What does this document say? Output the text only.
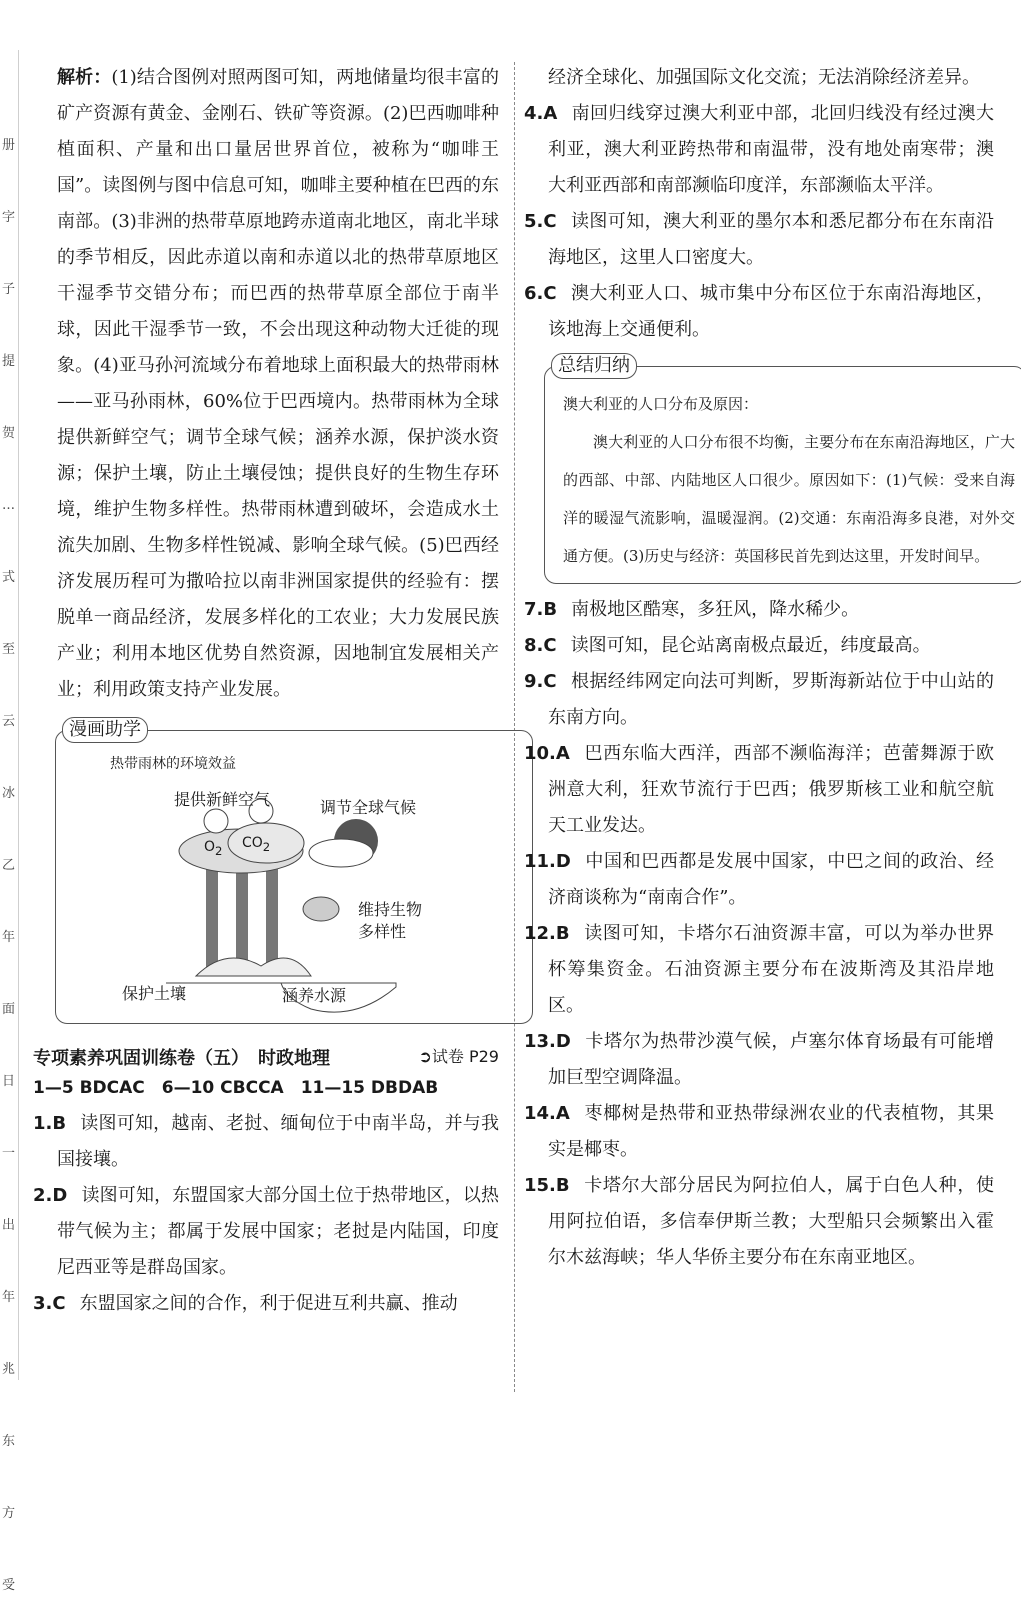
册 字 子 提 贺 … 式 至 云 冰 乙 年 面 日 一 出 年 兆 东 方 受

解析：(1)结合图例对照两图可知，两地储量均很丰富的矿产资源有黄金、金刚石、铁矿等资源。(2)巴西咖啡种植面积、产量和出口量居世界首位，被称为“咖啡王国”。读图例与图中信息可知，咖啡主要种植在巴西的东南部。(3)非洲的热带草原地跨赤道南北地区，南北半球的季节相反，因此赤道以南和赤道以北的热带草原地区干湿季节交错分布；而巴西的热带草原全部位于南半球，因此干湿季节一致，不会出现这种动物大迁徙的现象。(4)亚马孙河流域分布着地球上面积最大的热带雨林——亚马孙雨林，60%位于巴西境内。热带雨林为全球提供新鲜空气；调节全球气候；涵养水源，保护淡水资源；保护土壤，防止土壤侵蚀；提供良好的生物生存环境，维护生物多样性。热带雨林遭到破坏，会造成水土流失加剧、生物多样性锐减、影响全球气候。(5)巴西经济发展历程可为撒哈拉以南非洲国家提供的经验有：摆脱单一商品经济，发展多样化的工农业；大力发展民族产业；利用本地区优势自然资源，因地制宜发展相关产业；利用政策支持产业发展。

漫画助学
热带雨林的环境效益
提供新鲜空气	调节全球气候
$O_2$ $CO_2$
维持生物
多样性
保护土壤	涵养水源
专项素养巩固训练卷（五）　时政地理	➲试卷 P29
1—5 BDCAC　6—10 CBCCA　11—15 DBDAB

1.B 读图可知，越南、老挝、缅甸位于中南半岛，并与我国接壤。

2.D 读图可知，东盟国家大部分国土位于热带地区，以热带气候为主；都属于发展中国家；老挝是内陆国，印度尼西亚等是群岛国家。

3.C 东盟国家之间的合作，利于促进互利共赢、推动

经济全球化、加强国际文化交流；无法消除经济差异。

4.A 南回归线穿过澳大利亚中部，北回归线没有经过澳大利亚，澳大利亚跨热带和南温带，没有地处南寒带；澳大利亚西部和南部濒临印度洋，东部濒临太平洋。

5.C 读图可知，澳大利亚的墨尔本和悉尼都分布在东南沿海地区，这里人口密度大。

6.C 澳大利亚人口、城市集中分布区位于东南沿海地区，该地海上交通便利。

总结归纳

澳大利亚的人口分布及原因：

澳大利亚的人口分布很不均衡，主要分布在东南沿海地区，广大的西部、中部、内陆地区人口很少。原因如下：(1)气候：受来自海洋的暖湿气流影响，温暖湿润。(2)交通：东南沿海多良港，对外交通方便。(3)历史与经济：英国移民首先到达这里，开发时间早。

7.B 南极地区酷寒，多狂风，降水稀少。

8.C 读图可知，昆仑站离南极点最近，纬度最高。

9.C 根据经纬网定向法可判断，罗斯海新站位于中山站的东南方向。

10.A 巴西东临大西洋，西部不濒临海洋；芭蕾舞源于欧洲意大利，狂欢节流行于巴西；俄罗斯核工业和航空航天工业发达。

11.D 中国和巴西都是发展中国家，中巴之间的政治、经济商谈称为“南南合作”。

12.B 读图可知，卡塔尔石油资源丰富，可以为举办世界杯筹集资金。石油资源主要分布在波斯湾及其沿岸地区。

13.D 卡塔尔为热带沙漠气候，卢塞尔体育场最有可能增加巨型空调降温。

14.A 枣椰树是热带和亚热带绿洲农业的代表植物，其果实是椰枣。

15.B 卡塔尔大部分居民为阿拉伯人，属于白色人种，使用阿拉伯语，多信奉伊斯兰教；大型船只会频繁出入霍尔木兹海峡；华人华侨主要分布在东南亚地区。
